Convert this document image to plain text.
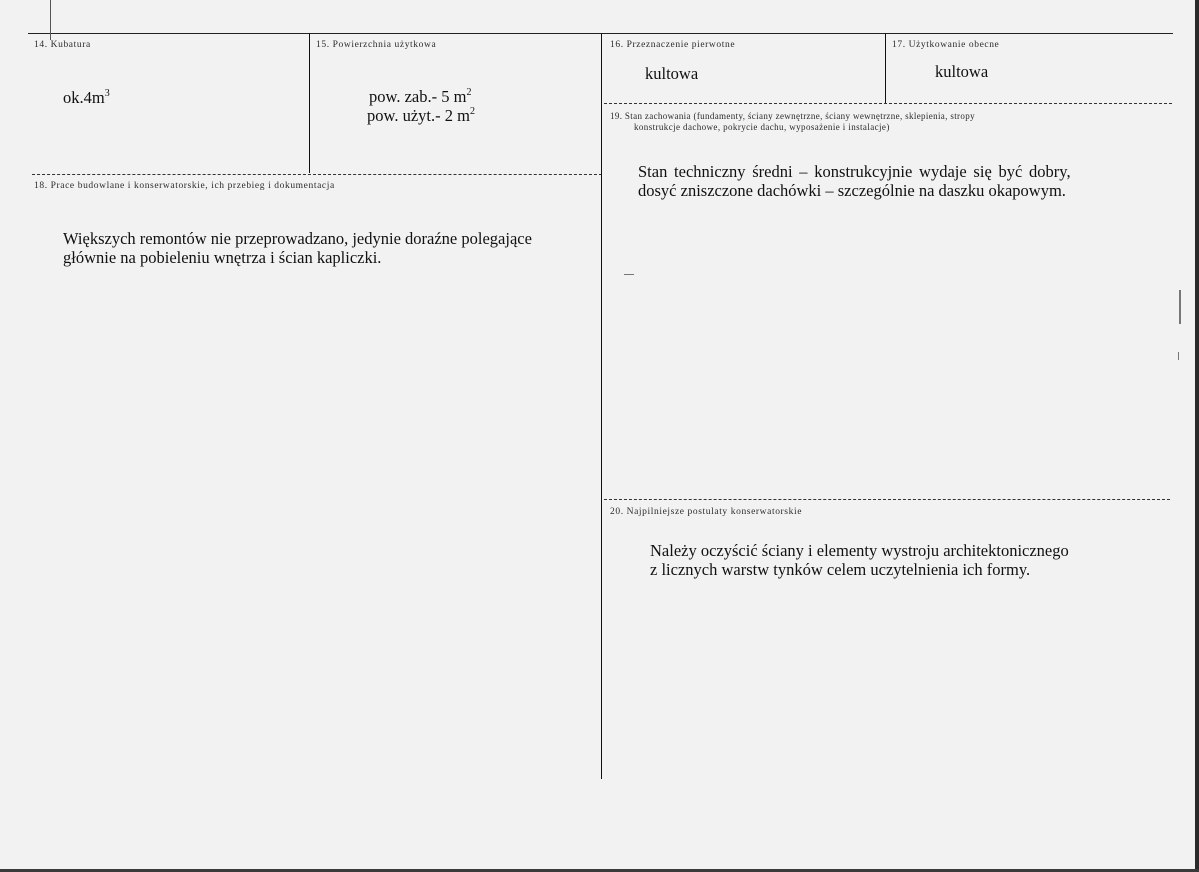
14. Kubatura
$ok.4m^3$
15. Powierzchnia użytkowa
pow. zab.- 5 $m^2$
pow. użyt.- 2 $m^2$
16. Przeznaczenie pierwotne
kultowa
17. Użytkowanie obecne
kultowa
18. Prace budowlane i konserwatorskie, ich przebieg i dokumentacja
Większych remontów nie przeprowadzano, jedynie doraźne polegające
głównie na pobieleniu wnętrza i ścian kapliczki.
19. Stan zachowania (fundamenty, ściany zewnętrzne, ściany wewnętrzne, sklepienia, stropy
konstrukcje dachowe, pokrycie dachu, wyposażenie i instalacje)
Stan techniczny średni – konstrukcyjnie wydaje się być dobry,
dosyć zniszczone dachówki – szczególnie na daszku okapowym.
20. Najpilniejsze postulaty konserwatorskie
Należy oczyścić ściany i elementy wystroju architektonicznego
z licznych warstw tynków celem uczytelnienia ich formy.
